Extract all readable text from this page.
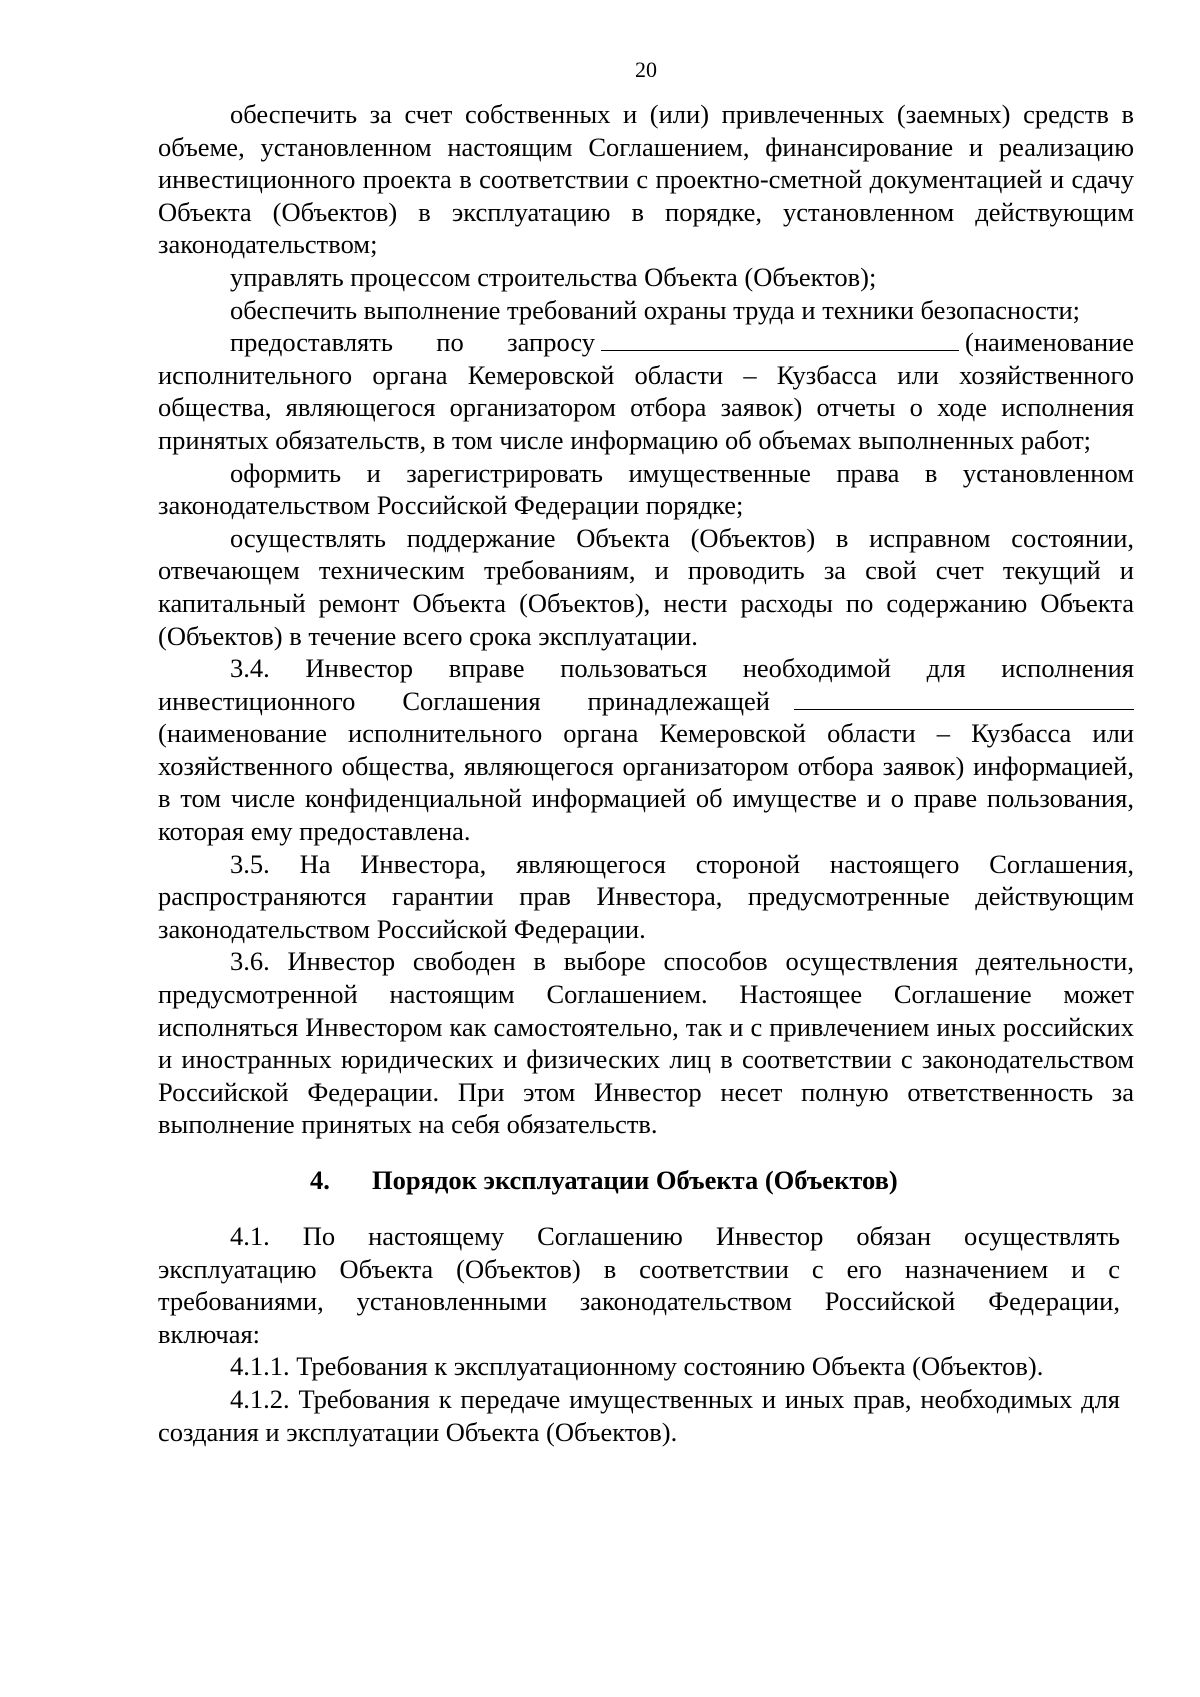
20

обеспечить за счет собственных и (или) привлеченных (заемных) средств в объеме, установленном настоящим Соглашением, финансирование и реализацию инвестиционного проекта в соответствии с проектно-сметной документацией и сдачу Объекта (Объектов) в эксплуатацию в порядке, установленном действующим законодательством;

управлять процессом строительства Объекта (Объектов);

обеспечить выполнение требований охраны труда и техники безопасности;

предоставлять по запросу	(наименование исполнительного органа Кемеровской области – Кузбасса или хозяйственного общества, являющегося организатором отбора заявок) отчеты о ходе исполнения принятых обязательств, в том числе информацию об объемах выполненных работ;

оформить и зарегистрировать имущественные права в установленном законодательством Российской Федерации порядке;

осуществлять поддержание Объекта (Объектов) в исправном состоянии, отвечающем техническим требованиям, и проводить за свой счет текущий и капитальный ремонт Объекта (Объектов), нести расходы по содержанию Объекта (Объектов) в течение всего срока эксплуатации.

3.4. Инвестор вправе пользоваться необходимой для исполнения инвестиционного Соглашения принадлежащей (наименование исполнительного органа Кемеровской области – Кузбасса или хозяйственного общества, являющегося организатором отбора заявок) информацией, в том числе конфиденциальной информацией об имуществе и о праве пользования, которая ему предоставлена.

3.5. На Инвестора, являющегося стороной настоящего Соглашения, распространяются гарантии прав Инвестора, предусмотренные действующим законодательством Российской Федерации.

3.6. Инвестор свободен в выборе способов осуществления деятельности, предусмотренной настоящим Соглашением. Настоящее Соглашение может исполняться Инвестором как самостоятельно, так и с привлечением иных российских и иностранных юридических и физических лиц в соответствии с законодательством Российской Федерации. При этом Инвестор несет полную ответственность за выполнение принятых на себя обязательств.

4. Порядок эксплуатации Объекта (Объектов)

4.1. По настоящему Соглашению Инвестор обязан осуществлять эксплуатацию Объекта (Объектов) в соответствии с его назначением и с требованиями, установленными законодательством Российской Федерации, включая:

4.1.1. Требования к эксплуатационному состоянию Объекта (Объектов).

4.1.2. Требования к передаче имущественных и иных прав, необходимых для создания и эксплуатации Объекта (Объектов).
